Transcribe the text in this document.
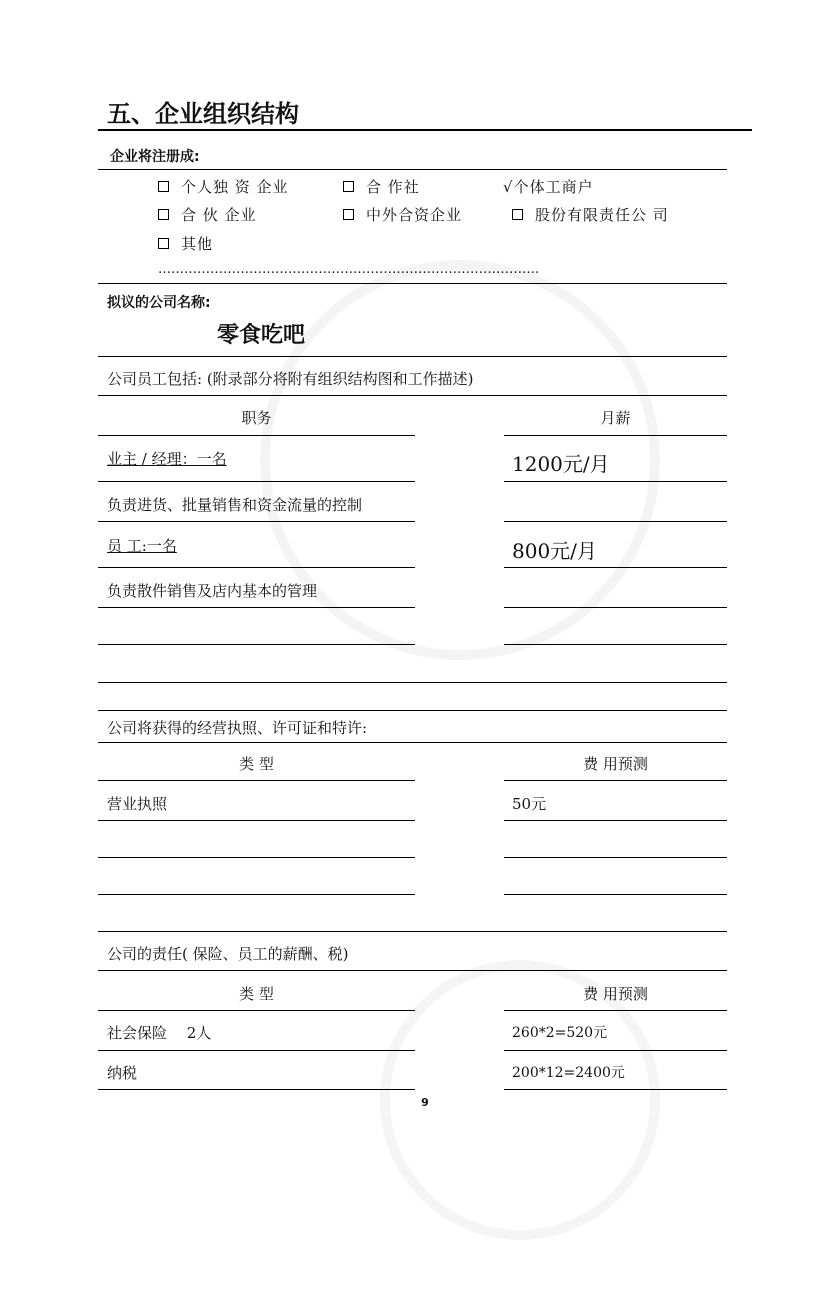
五、企业组织结构
企业将注册成:
个人独 资 企业	合 作社	√个体工商户
合 伙 企业	中外合资企业	股份有限责任公 司
其他
…………………………………………………………………………….
拟议的公司名称:
零食吃吧
公司员工包括: (附录部分将附有组织结构图和工作描述)
职务	月薪
业主 / 经理：一名	1200元/月
负责进货、批量销售和资金流量的控制
员 工:一名	800元/月
负责散件销售及店内基本的管理
公司将获得的经营执照、许可证和特许:
类 型	费 用预测
营业执照	50元
公司的责任( 保险、员工的薪酬、税)
类 型	费 用预测
社会保险　 2人	260*2=520元
纳税	200*12=2400元
9
